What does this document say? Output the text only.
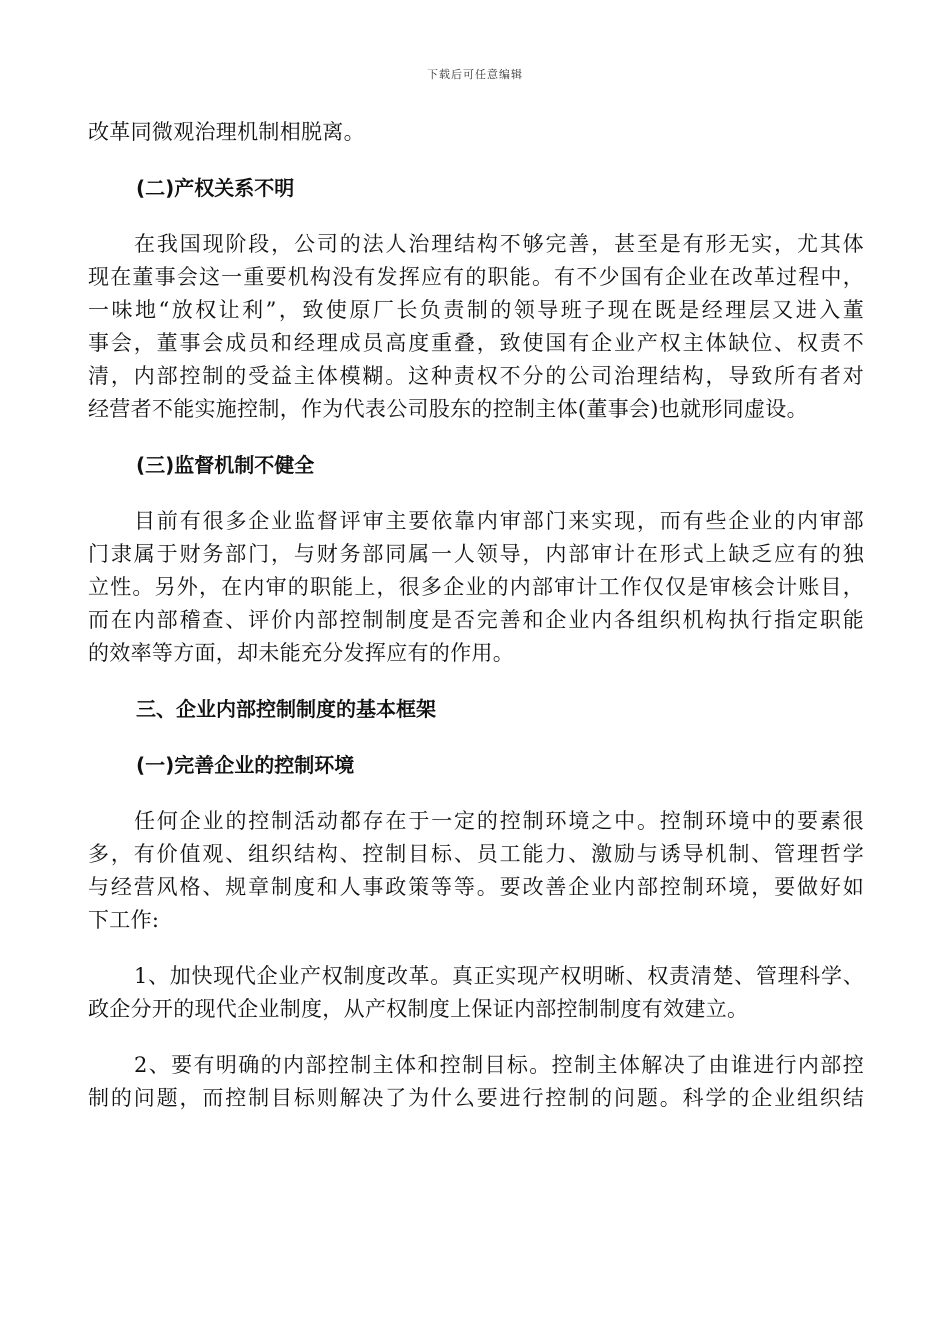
下载后可任意编辑
改革同微观治理机制相脱离。
(二)产权关系不明
在我国现阶段，公司的法人治理结构不够完善，甚至是有形无实，尤其体
现在董事会这一重要机构没有发挥应有的职能。有不少国有企业在改革过程中，
一味地“放权让利”，致使原厂长负责制的领导班子现在既是经理层又进入董
事会，董事会成员和经理成员高度重叠，致使国有企业产权主体缺位、权责不
清，内部控制的受益主体模糊。这种责权不分的公司治理结构，导致所有者对
经营者不能实施控制，作为代表公司股东的控制主体(董事会)也就形同虚设。
(三)监督机制不健全
目前有很多企业监督评审主要依靠内审部门来实现，而有些企业的内审部
门隶属于财务部门，与财务部同属一人领导，内部审计在形式上缺乏应有的独
立性。另外，在内审的职能上，很多企业的内部审计工作仅仅是审核会计账目，
而在内部稽查、评价内部控制制度是否完善和企业内各组织机构执行指定职能
的效率等方面，却未能充分发挥应有的作用。
三、企业内部控制制度的基本框架
(一)完善企业的控制环境
任何企业的控制活动都存在于一定的控制环境之中。控制环境中的要素很
多，有价值观、组织结构、控制目标、员工能力、激励与诱导机制、管理哲学
与经营风格、规章制度和人事政策等等。要改善企业内部控制环境，要做好如
下工作:
1、加快现代企业产权制度改革。真正实现产权明晰、权责清楚、管理科学、
政企分开的现代企业制度，从产权制度上保证内部控制制度有效建立。
2、要有明确的内部控制主体和控制目标。控制主体解决了由谁进行内部控
制的问题，而控制目标则解决了为什么要进行控制的问题。科学的企业组织结
